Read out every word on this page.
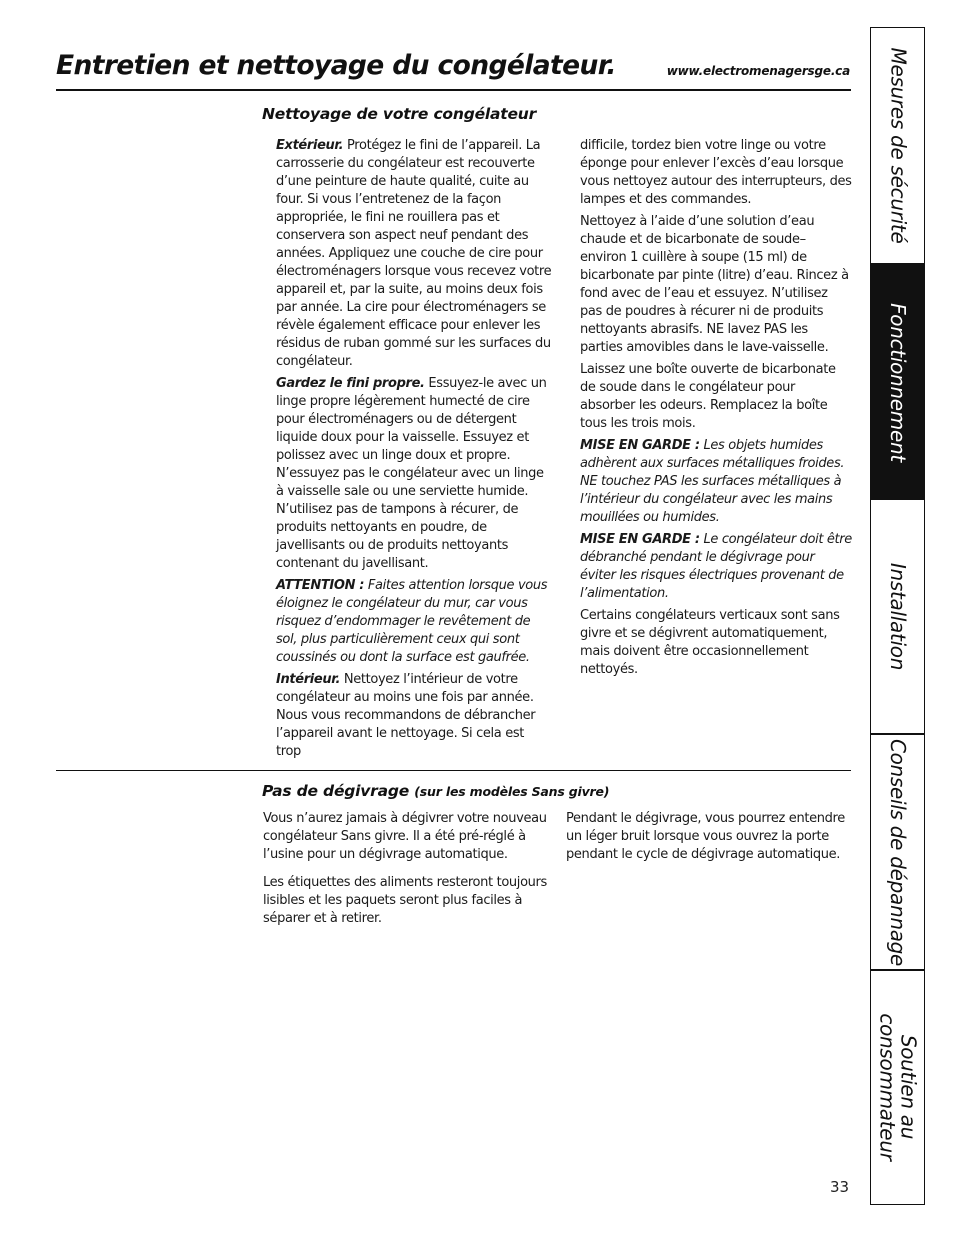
Entretien et nettoyage du congélateur.	www.electromenagersge.ca
Nettoyage de votre congélateur

Extérieur. Protégez le fini de l’appareil. La carrosserie du congélateur est recouverte d’une peinture de haute qualité, cuite au four. Si vous l’entretenez de la façon appropriée, le fini ne rouillera pas et conservera son aspect neuf pendant des années. Appliquez une couche de cire pour électroménagers lorsque vous recevez votre appareil et, par la suite, au moins deux fois par année. La cire pour électroménagers se révèle également efficace pour enlever les résidus de ruban gommé sur les surfaces du congélateur.

Gardez le fini propre. Essuyez-le avec un linge propre légèrement humecté de cire pour électroménagers ou de détergent liquide doux pour la vaisselle. Essuyez et polissez avec un linge doux et propre. N’essuyez pas le congélateur avec un linge à vaisselle sale ou une serviette humide. N’utilisez pas de tampons à récurer, de produits nettoyants en poudre, de javellisants ou de produits nettoyants contenant du javellisant.

ATTENTION : Faites attention lorsque vous éloignez le congélateur du mur, car vous risquez d’endommager le revêtement de sol, plus particulièrement ceux qui sont coussinés ou dont la surface est gaufrée.

Intérieur. Nettoyez l’intérieur de votre congélateur au moins une fois par année. Nous vous recommandons de débrancher l’appareil avant le nettoyage. Si cela est trop

difficile, tordez bien votre linge ou votre éponge pour enlever l’excès d’eau lorsque vous nettoyez autour des interrupteurs, des lampes et des commandes.

Nettoyez à l’aide d’une solution d’eau chaude et de bicarbonate de soude– environ 1 cuillère à soupe (15 ml) de bicarbonate par pinte (litre) d’eau. Rincez à fond avec de l’eau et essuyez. N’utilisez pas de poudres à récurer ni de produits nettoyants abrasifs. NE lavez PAS les parties amovibles dans le lave-vaisselle.

Laissez une boîte ouverte de bicarbonate de soude dans le congélateur pour absorber les odeurs. Remplacez la boîte tous les trois mois.

MISE EN GARDE : Les objets humides adhèrent aux surfaces métalliques froides. NE touchez PAS les surfaces métalliques à l’intérieur du congélateur avec les mains mouillées ou humides.

MISE EN GARDE : Le congélateur doit être débranché pendant le dégivrage pour éviter les risques électriques provenant de l’alimentation.

Certains congélateurs verticaux sont sans givre et se dégivrent automatiquement, mais doivent être occasionnellement nettoyés.

Pas de dégivrage (sur les modèles Sans givre)

Vous n’aurez jamais à dégivrer votre nouveau congélateur Sans givre. Il a été pré-réglé à l’usine pour un dégivrage automatique.

Les étiquettes des aliments resteront toujours lisibles et les paquets seront plus faciles à séparer et à retirer.

Pendant le dégivrage, vous pourrez entendre un léger bruit lorsque vous ouvrez la porte pendant le cycle de dégivrage automatique.

Mesures de sécurité
Fonctionnement
Installation
Conseils de dépannage
Soutien au
consommateur
33
